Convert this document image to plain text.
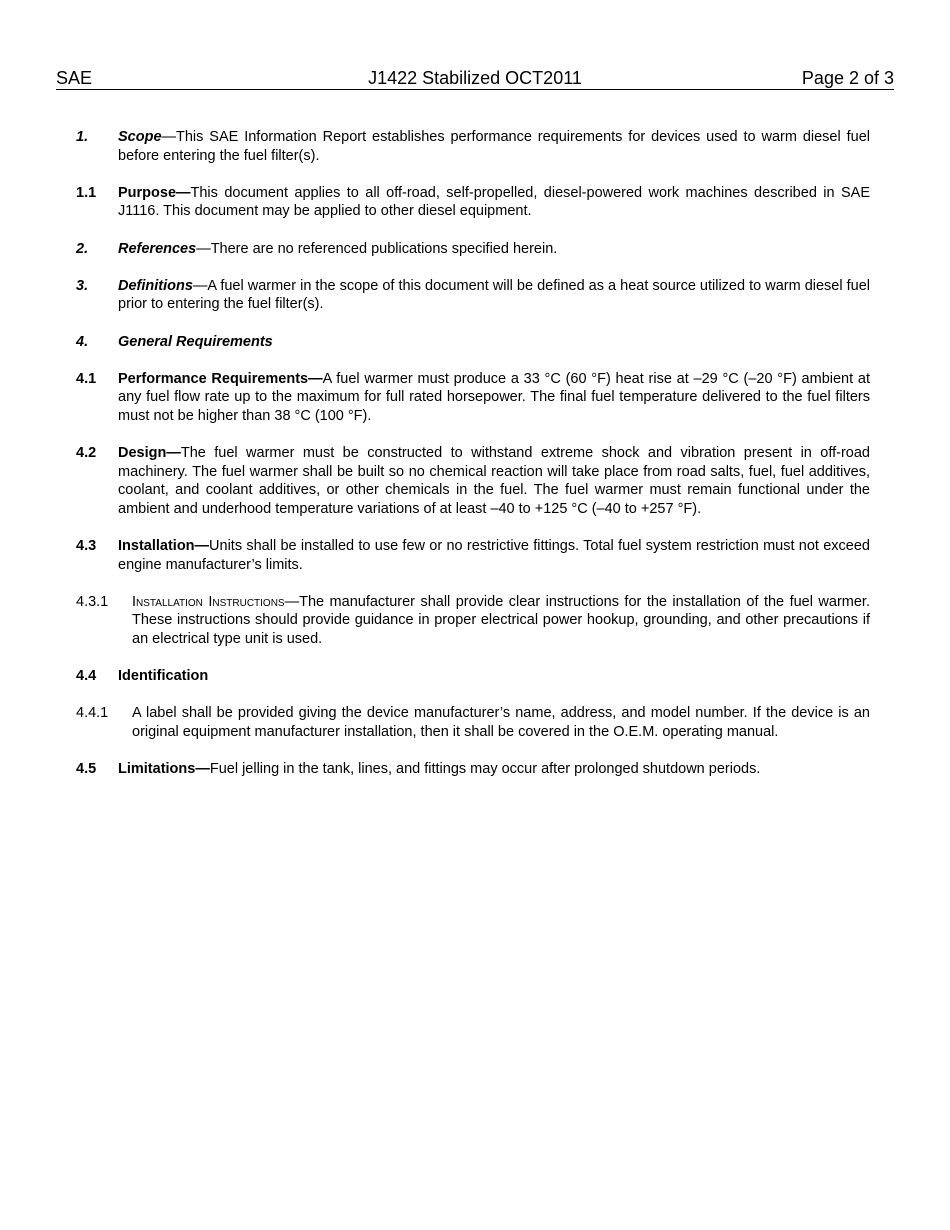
SAE	J1422 Stabilized OCT2011	Page 2 of 3
1. Scope—This SAE Information Report establishes performance requirements for devices used to warm diesel fuel before entering the fuel filter(s).
1.1 Purpose—This document applies to all off-road, self-propelled, diesel-powered work machines described in SAE J1116. This document may be applied to other diesel equipment.
2. References—There are no referenced publications specified herein.
3. Definitions—A fuel warmer in the scope of this document will be defined as a heat source utilized to warm diesel fuel prior to entering the fuel filter(s).
4. General Requirements
4.1 Performance Requirements—A fuel warmer must produce a 33 °C (60 °F) heat rise at –29 °C (–20 °F) ambient at any fuel flow rate up to the maximum for full rated horsepower. The final fuel temperature delivered to the fuel filters must not be higher than 38 °C (100 °F).
4.2 Design—The fuel warmer must be constructed to withstand extreme shock and vibration present in off-road machinery. The fuel warmer shall be built so no chemical reaction will take place from road salts, fuel, fuel additives, coolant, and coolant additives, or other chemicals in the fuel. The fuel warmer must remain functional under the ambient and underhood temperature variations of at least –40 to +125 °C (–40 to +257 °F).
4.3 Installation—Units shall be installed to use few or no restrictive fittings. Total fuel system restriction must not exceed engine manufacturer’s limits.
4.3.1 Installation Instructions—The manufacturer shall provide clear instructions for the installation of the fuel warmer. These instructions should provide guidance in proper electrical power hookup, grounding, and other precautions if an electrical type unit is used.
4.4 Identification
4.4.1 A label shall be provided giving the device manufacturer’s name, address, and model number. If the device is an original equipment manufacturer installation, then it shall be covered in the O.E.M. operating manual.
4.5 Limitations—Fuel jelling in the tank, lines, and fittings may occur after prolonged shutdown periods.
